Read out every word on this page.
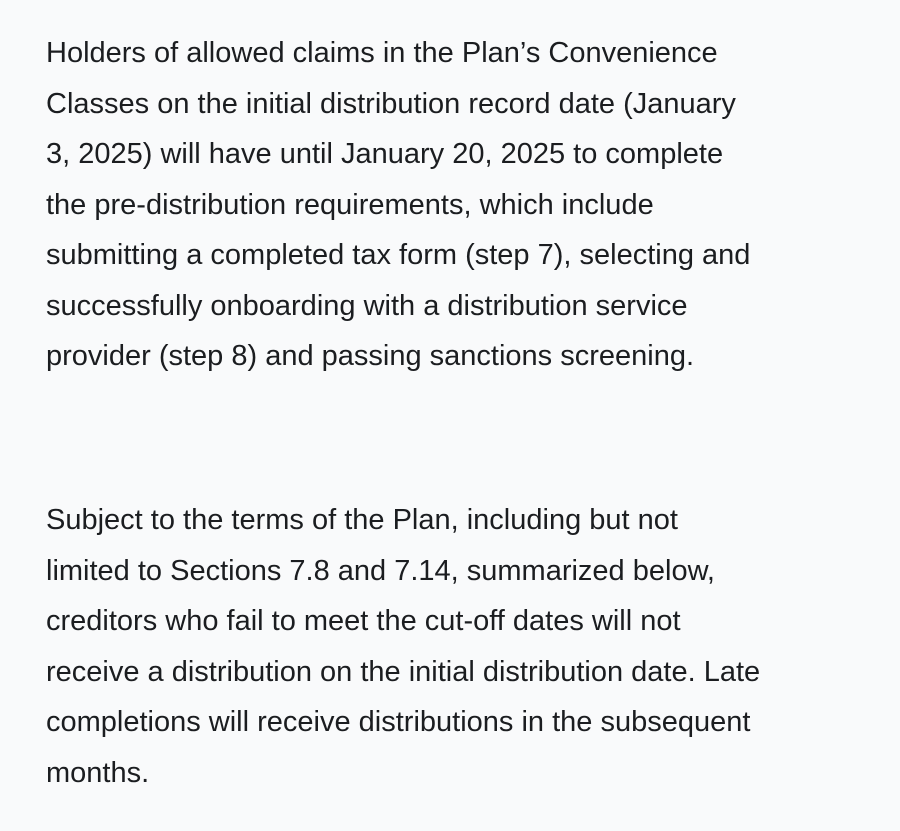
Holders of allowed claims in the Plan’s Convenience
Classes on the initial distribution record date (January
3, 2025) will have until January 20, 2025 to complete
the pre-distribution requirements, which include
submitting a completed tax form (step 7), selecting and
successfully onboarding with a distribution service
provider (step 8) and passing sanctions screening.

Subject to the terms of the Plan, including but not
limited to Sections 7.8 and 7.14, summarized below,
creditors who fail to meet the cut-off dates will not
receive a distribution on the initial distribution date. Late
completions will receive distributions in the subsequent
months.
